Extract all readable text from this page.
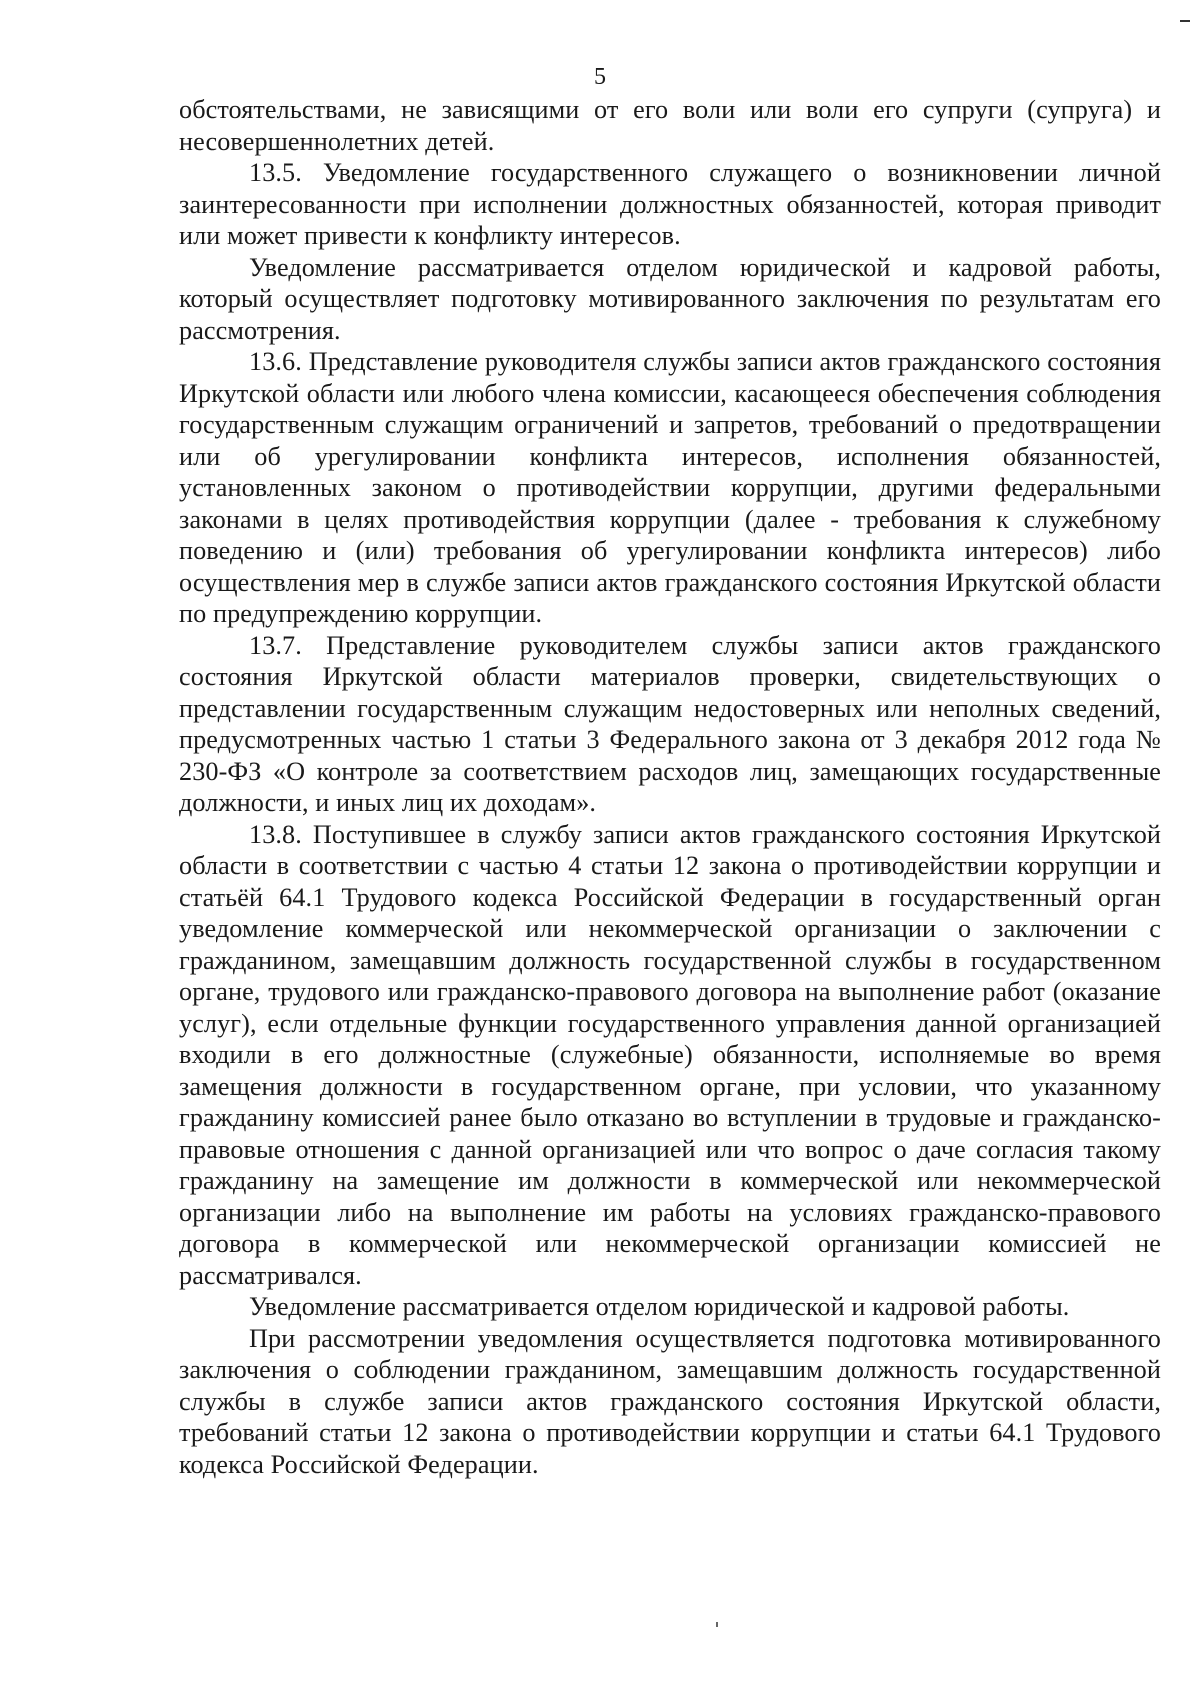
5

обстоятельствами, не зависящими от его воли или воли его супруги (супруга) и несовершеннолетних детей.

13.5. Уведомление государственного служащего о возникновении личной заинтересованности при исполнении должностных обязанностей, которая приводит или может привести к конфликту интересов.

Уведомление рассматривается отделом юридической и кадровой работы, который осуществляет подготовку мотивированного заключения по результатам его рассмотрения.

13.6. Представление руководителя службы записи актов гражданского состояния Иркутской области или любого члена комиссии, касающееся обеспечения соблюдения государственным служащим ограничений и запретов, требований о предотвращении или об урегулировании конфликта интересов, исполнения обязанностей, установленных законом о противодействии коррупции, другими федеральными законами в целях противодействия коррупции (далее - требования к служебному поведению и (или) требования об урегулировании конфликта интересов) либо осуществления мер в службе записи актов гражданского состояния Иркутской области по предупреждению коррупции.

13.7. Представление руководителем службы записи актов гражданского состояния Иркутской области материалов проверки, свидетельствующих о представлении государственным служащим недостоверных или неполных сведений, предусмотренных частью 1 статьи 3 Федерального закона от 3 декабря 2012 года № 230-ФЗ «О контроле за соответствием расходов лиц, замещающих государственные должности, и иных лиц их доходам».

13.8. Поступившее в службу записи актов гражданского состояния Иркутской области в соответствии с частью 4 статьи 12 закона о противодействии коррупции и статьёй 64.1 Трудового кодекса Российской Федерации в государственный орган уведомление коммерческой или некоммерческой организации о заключении с гражданином, замещавшим должность государственной службы в государственном органе, трудового или гражданско-правового договора на выполнение работ (оказание услуг), если отдельные функции государственного управления данной организацией входили в его должностные (служебные) обязанности, исполняемые во время замещения должности в государственном органе, при условии, что указанному гражданину комиссией ранее было отказано во вступлении в трудовые и гражданско-правовые отношения с данной организацией или что вопрос о даче согласия такому гражданину на замещение им должности в коммерческой или некоммерческой организации либо на выполнение им работы на условиях гражданско-правового договора в коммерческой или некоммерческой организации комиссией не рассматривался.

Уведомление рассматривается отделом юридической и кадровой работы.

При рассмотрении уведомления осуществляется подготовка мотивированного заключения о соблюдении гражданином, замещавшим должность государственной службы в службе записи актов гражданского состояния Иркутской области, требований статьи 12 закона о противодействии коррупции и статьи 64.1 Трудового кодекса Российской Федерации.
